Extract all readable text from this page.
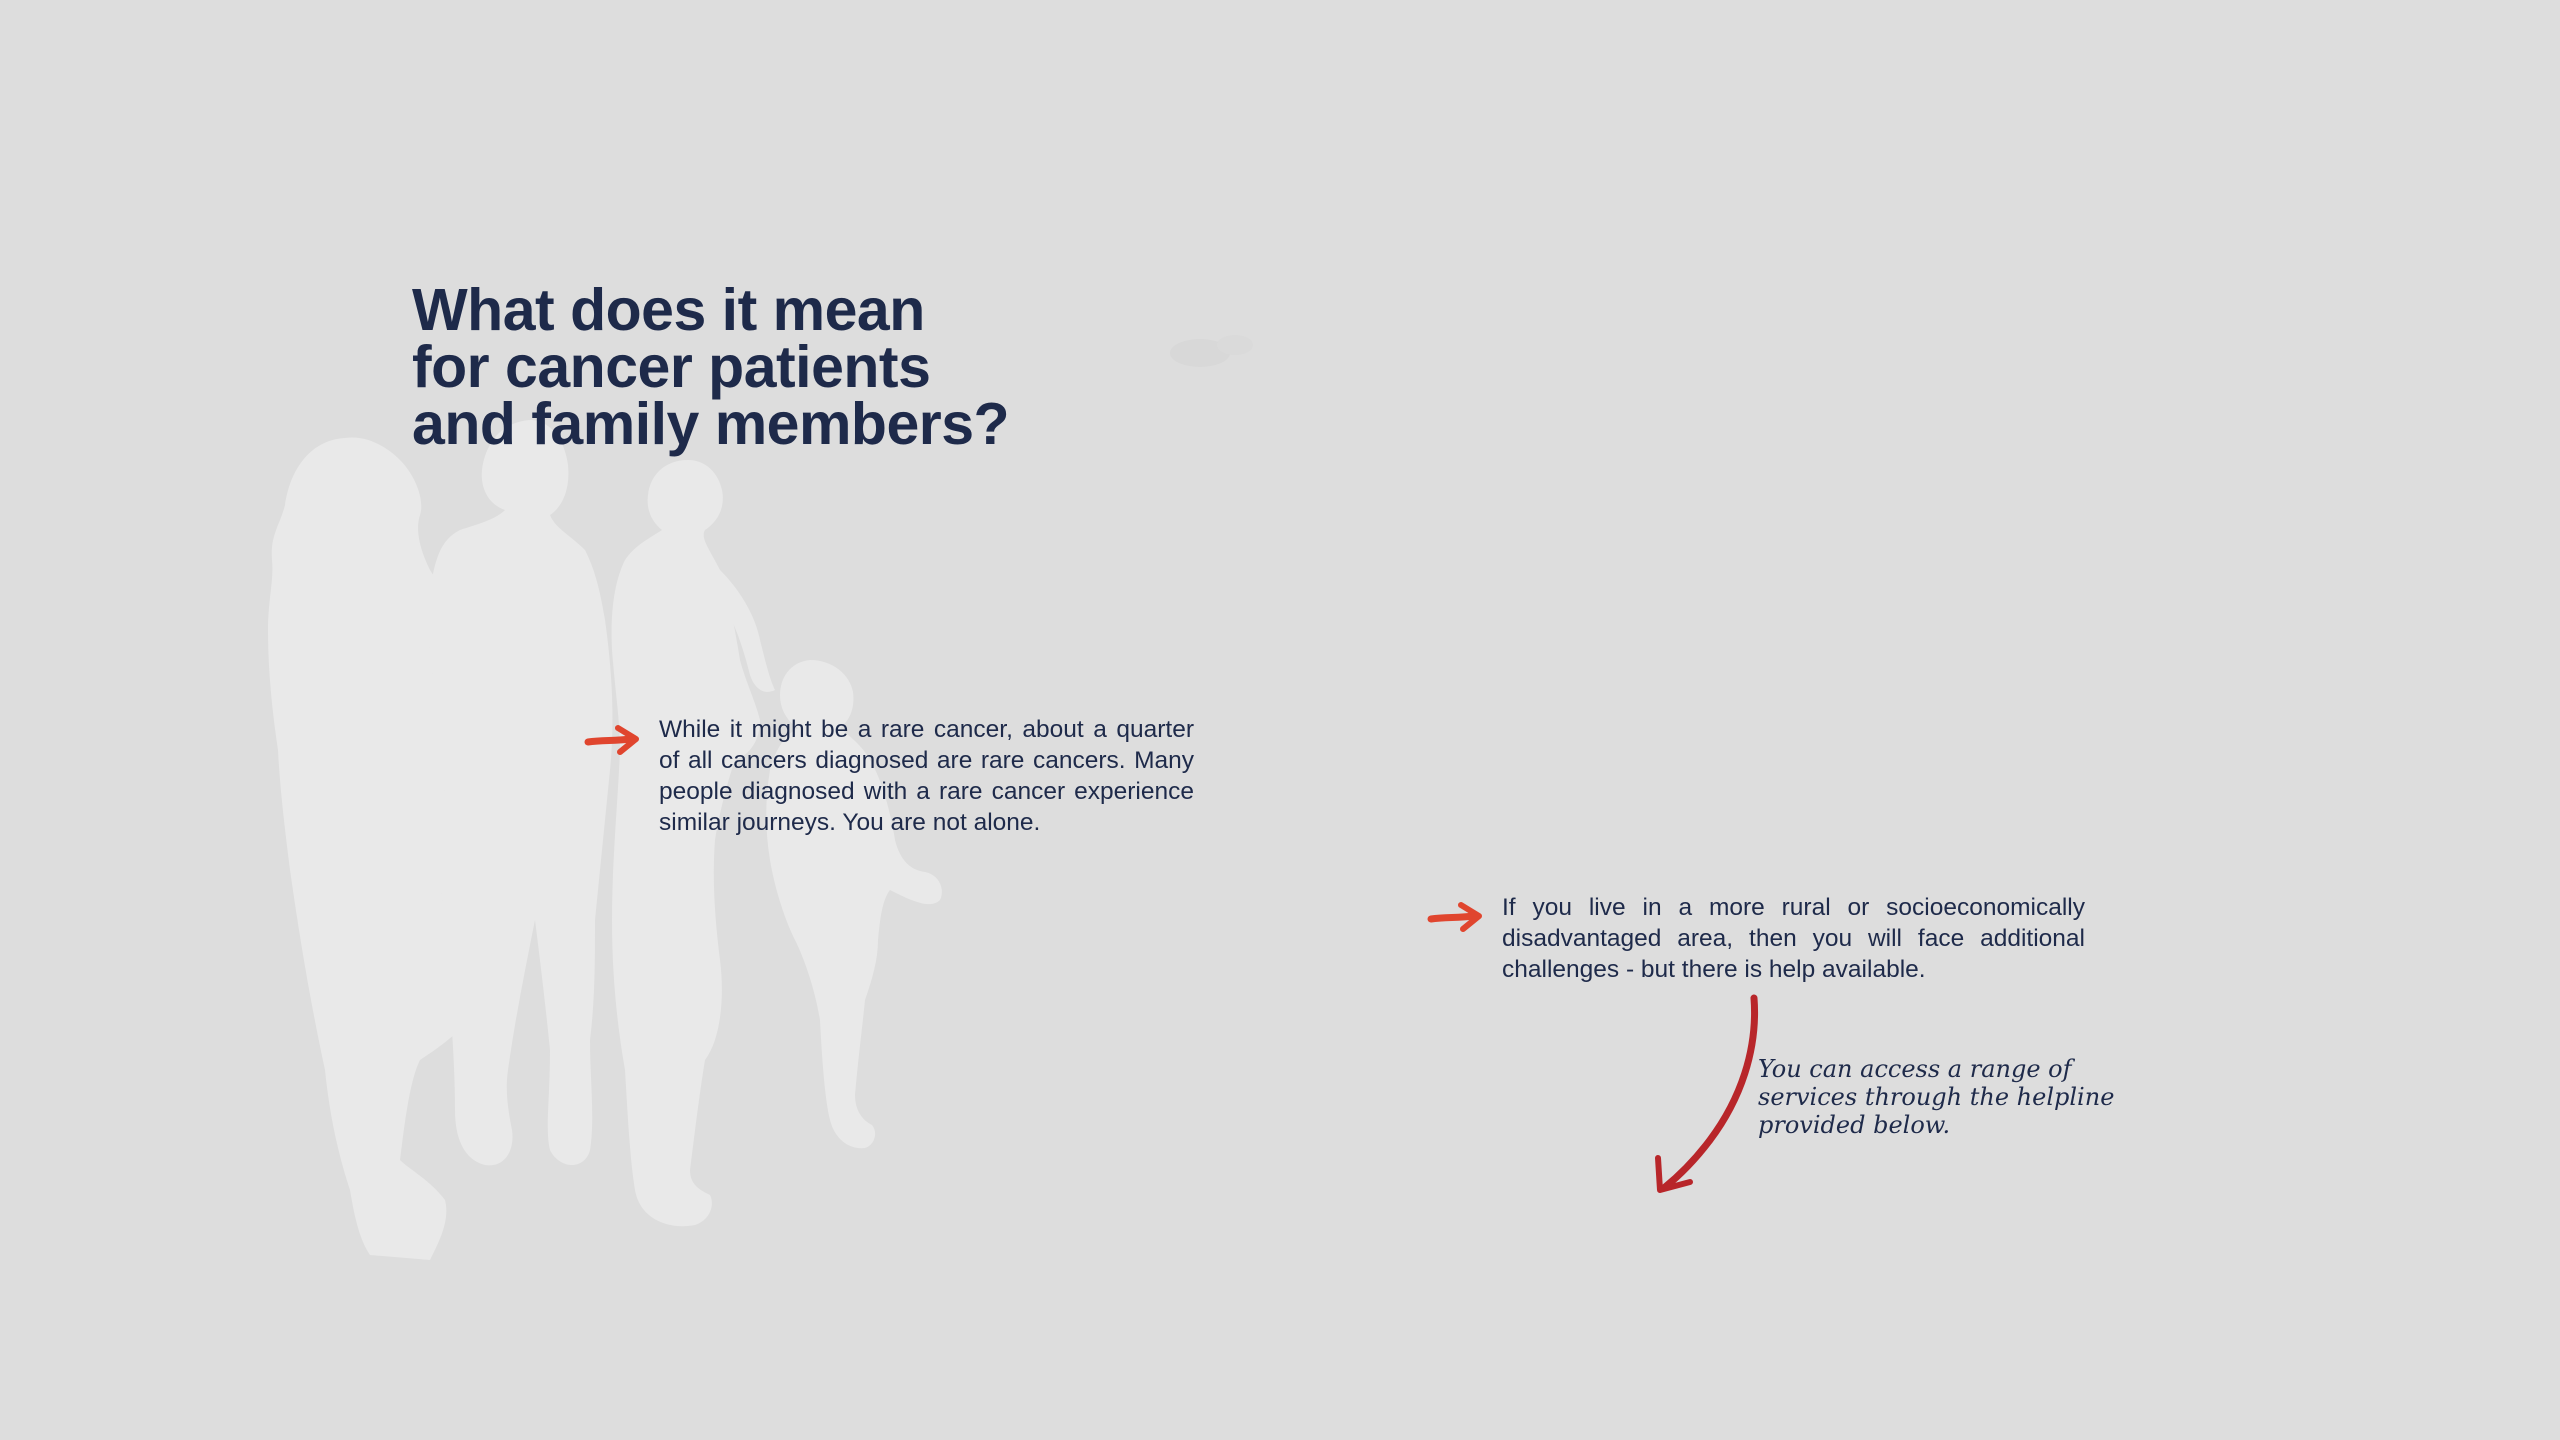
What does it mean
for cancer patients
and family members?

While it might be a rare cancer, about a quarter of all cancers diagnosed are rare cancers. Many people diagnosed with a rare cancer experience similar journeys. You are not alone.

If you live in a more rural or socioeconomically disadvantaged area, then you will face additional challenges - but there is help available.

You can access a range of
services through the helpline
provided below.
